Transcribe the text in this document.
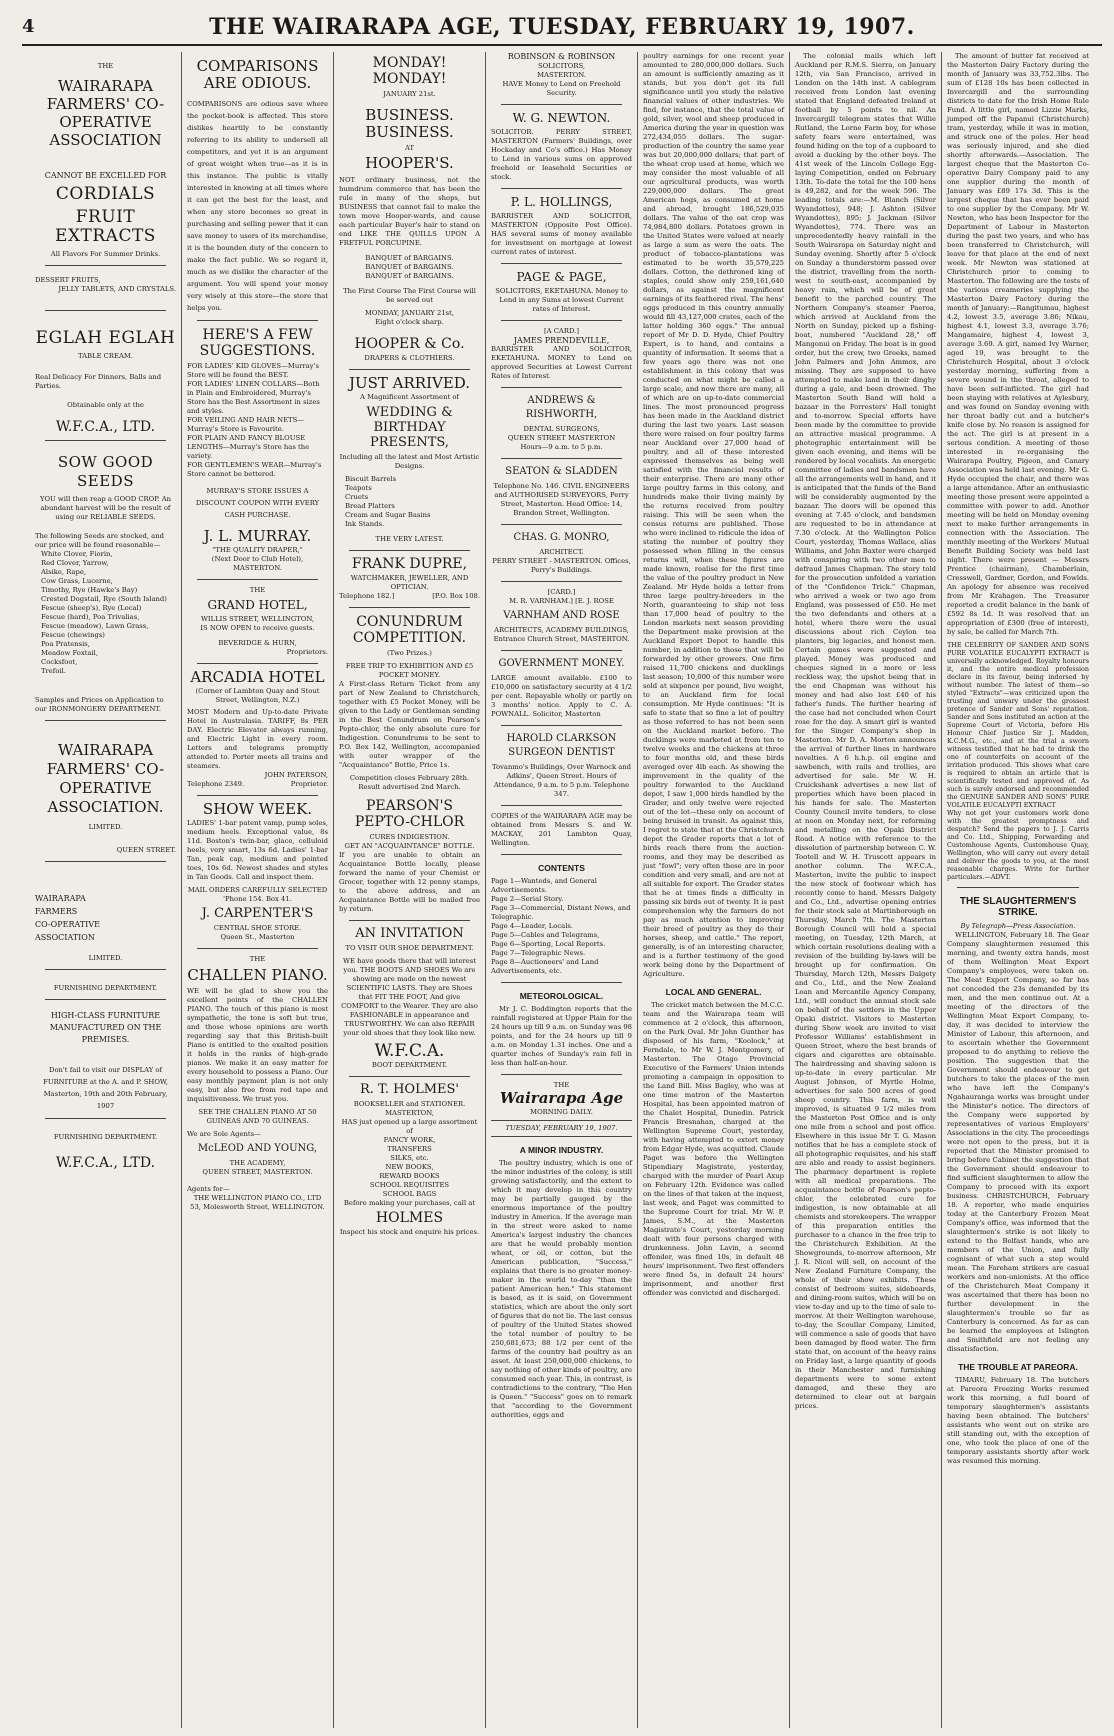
4	THE WAIRARAPA AGE, TUESDAY, FEBRUARY 19, 1907.
THE
WAIRARAPA FARMERS' CO-OPERATIVE ASSOCIATION
CANNOT BE EXCELLED FOR
CORDIALS
FRUIT EXTRACTS
All Flavors For Summer Drinks.
DESSERT FRUITS,
JELLY TABLETS, AND CRYSTALS.
EGLAH EGLAH
TABLE CREAM.
Real Delicacy For Dinners, Balls and Parties.
Obtainable only at the
W.F.C.A., LTD.
SOW GOOD SEEDS
YOU will then reap a GOOD CROP. An abundant harvest will be the result of using our RELIABLE SEEDS.
The following Seeds are stocked, and our price will be found reasonable—
White Clover, Fiorin,
Red Clover, Yarrow,
Alsike, Rape,
Cow Grass, Lucerne,
Timothy, Rye (Hawke's Bay)
Crested Dogstail, Rye (South Island)
Fescue (sheep's), Rye (Local)
Fescue (hard), Poa Trivalias,
Fescue (meadow), Lawn Grass,
Fescue (chewings)
Poa Pratensis,
Meadow Foxtail,
Cocksfoot,
Trefoil.
Samples and Prices on Application to our IRONMONGERY DEPARTMENT.
WAIRARAPA FARMERS' CO-OPERATIVE ASSOCIATION.
LIMITED.
QUEEN STREET.
WAIRARAPA
FARMERS
CO-OPERATIVE
ASSOCIATION
LIMITED.
FURNISHING DEPARTMENT.
HIGH-CLASS FURNITURE MANUFACTURED ON THE PREMISES.
Don't fail to visit our DISPLAY of FURNITURE at the A. and P. SHOW, Masterton, 19th and 20th February, 1907
FURNISHING DEPARTMENT.
W.F.C.A., LTD.
COMPARISONS ARE ODIOUS.
COMPARISONS are odious save where the pocket-book is affected. This store dislikes heartily to be constantly referring to its ability to undersell all competitors, and yet it is an argument of great weight when true—as it is in this instance. The public is vitally interested in knowing at all times where it can get the best for the least, and when any store becomes so great in purchasing and selling power that it can save money to users of its merchandise, it is the bounden duty of the concern to make the fact public. We so regard it, much as we dislike the character of the argument. You will spend your money very wisely at this store—the store that helps you.
HERE'S A FEW SUGGESTIONS.
FOR LADIES' KID GLOVES—Murray's Store will be found the BEST.
FOR LADIES' LINEN COLLARS—Both in Plain and Embroidered, Murray's Store has the Best Assortment in sizes and styles.
FOR VEILING AND HAIR NETS—Murray's Store is Favourite.
FOR PLAIN AND FANCY BLOUSE LENGTHS—Murray's Store has the variety.
FOR GENTLEMEN'S WEAR—Murray's Store cannot be bettered.
MURRAY'S STORE ISSUES A DISCOUNT COUPON WITH EVERY CASH PURCHASE.
J. L. MURRAY.
"THE QUALITY DRAPER,"
(Next Door to Club Hotel),
MASTERTON.
THE
GRAND HOTEL,
WILLIS STREET, WELLINGTON,
IS NOW OPEN to receive guests.
BEVERIDGE & HURN,
Proprietors.
ARCADIA HOTEL
(Corner of Lambton Quay and Stout Street, Wellington, N.Z.)
MOST Modern and Up-to-date Private Hotel in Australasia. TARIFF, 8s PER DAY. Electric Elevator always running, and Electric Light in every room. Letters and telegrams promptly attended to. Porter meets all trains and steamers.
JOHN PATERSON,
Telephone 2349.	Proprietor.
SHOW WEEK.
LADIES' 1-bar patent vamp, pump soles, medium heels. Exceptional value, 8s 11d. Boston's twin-bar, glace, celluloid heels, very smart, 13s 6d. Ladies' 1-bar Tan, peak cap, medium and pointed toes, 10s 6d. Newest shades and styles in Tan Goods. Call and inspect them.
MAIL ORDERS CAREFULLY SELECTED
'Phone 154. Box 41.
J. CARPENTER'S
CENTRAL SHOE STORE.
Queen St., Masterton
THE
CHALLEN PIANO.
WE will be glad to show you the excellent points of the CHALLEN PIANO. The touch of this piano is most sympathetic, the tone is soft but true, and those whose opinions are worth regarding say that this British-built Piano is entitled to the exalted position it holds in the ranks of high-grade pianos. We make it an easy matter for every household to possess a Piano. Our easy monthly payment plan is not only easy, but also free from red tape and inquisitiveness. We trust you.
SEE THE CHALLEN PIANO AT 50 GUINEAS AND 70 GUINEAS.
We are Sole Agents—
McLEOD AND YOUNG,
THE ACADEMY,
QUEEN STREET, MASTERTON.
Agents for—
THE WELLINGTON PIANO CO., LTD
53, Molesworth Street, WELLINGTON.
MONDAY! MONDAY!
JANUARY 21st.
BUSINESS. BUSINESS.
AT
HOOPER'S.
NOT ordinary business, not the humdrum commerce that has been the rule in many of the shops, but BUSINESS that cannot fail to make the town move Hooper-wards, and cause each particular Buyer's hair to stand on end LIKE THE QUILLS UPON A FRETFUL PORCUPINE.
BANQUET of BARGAINS.
BANQUET of BARGAINS.
BANQUET of BARGAINS.
The First Course The First Course will be served out
MONDAY, JANUARY 21st,
Eight o'clock sharp.
HOOPER & Co.
DRAPERS & CLOTHIERS.
JUST ARRIVED.
A Magnificent Assortment of
WEDDING & BIRTHDAY PRESENTS,
Including all the latest and Most Artistic Designs.
Biscuit Barrels
Teapots
Cruets
Bread Platters
Cream and Sugar Basins
Ink Stands.
THE VERY LATEST.
FRANK DUPRE,
WATCHMAKER, JEWELLER, AND OPTICIAN.
Telephone 182.]	[P.O. Box 108.
CONUNDRUM COMPETITION.
(Two Prizes.)
FREE TRIP TO EXHIBITION AND £5 POCKET MONEY.
A First-class Return Ticket from any part of New Zealand to Christchurch, together with £5 Pocket Money, will be given to the Lady or Gentleman sending in the Best Conundrum on Pearson's Pepto-chlor, the only absolute cure for Indigestion. Conundrums to be sent to P.O. Box 142, Wellington, accompanied with outer wrapper of the "Acquaintance" Bottle, Price 1s.
Competition closes February 28th. Result advertised 2nd March.
PEARSON'S PEPTO-CHLOR
CURES INDIGESTION.
GET AN "ACQUAINTANCE" BOTTLE.
If you are unable to obtain an Acquaintance Bottle locally, please forward the name of your Chemist or Grocer, together with 12 penny stamps, to the above address, and an Acquaintance Bottle will be mailed free by return.
AN INVITATION
TO VISIT OUR SHOE DEPARTMENT.
WE have goods there that will interest you. THE BOOTS AND SHOES We are showing are made on the newest SCIENTIFIC LASTS. They are Shoes that FIT THE FOOT, And give COMFORT to the Wearer. They are also FASHIONABLE in appearance and TRUSTWORTHY. We can also REPAIR your old shoes that they look like new.
W.F.C.A.
BOOT DEPARTMENT.
R. T. HOLMES'
BOOKSELLER and STATIONER.
MASTERTON,
HAS just opened up a large assortment of
FANCY WORK,
TRANSFERS
SILKS, etc.
NEW BOOKS,
REWARD BOOKS
SCHOOL REQUISITES
SCHOOL BAGS
Before making your purchases, call at
HOLMES
Inspect his stock and enquire his prices.
ROBINSON & ROBINSON
SOLICITORS,
MASTERTON.
HAVE Money to Lend on Freehold Security.
W. G. NEWTON.
SOLICITOR. PERRY STREET, MASTERTON (Farmers' Buildings, over Hockaday and Co's office.) Has Money to Lend in various sums on approved freehold or leasehold Securities or stock.
P. L. HOLLINGS,
BARRISTER AND SOLICITOR, MASTERTON (Opposite Post Office). HAS several sums of money available for investment on mortgage at lowest current rates of interest.
PAGE & PAGE,
SOLICITORS, EKETAHUNA. Money to Lend in any Sums at lowest Current rates of Interest.
[A CARD.]
JAMES PRENDEVILLE,
BARRISTER AND SOLICITOR, EKETAHUNA. MONEY to Lend on approved Securities at Lowest Current Rates of Interest.
ANDREWS & RISHWORTH,
DENTAL SURGEONS,
QUEEN STREET MASTERTON
Hours—9 a.m. to 5 p.m.
SEATON & SLADDEN
Telephone No. 146. CIVIL ENGINEERS and AUTHORISED SURVEYORS, Perry Street, Masterton. Head Office: 14, Brandon Street, Wellington.
CHAS. G. MONRO,
ARCHITECT.
PERRY STREET - MASTERTON. Offices, Perry's Buildings.
[CARD.]
M. R. VARNHAM.] [E. J. ROSE
VARNHAM AND ROSE
ARCHITECTS, ACADEMY BUILDINGS, Entrance Church Street, MASTERTON.
GOVERNMENT MONEY.
LARGE amount available. £100 to £10,000 on satisfactory security at 4 1/2 per cent. Repayable wholly or partly on 3 months' notice. Apply to C. A. POWNALL. Solicitor, Masterton
HAROLD CLARKSON SURGEON DENTIST
Tovanmo's Buildings, Over Warnock and Adkins', Queen Street. Hours of Attendance, 9 a.m. to 5 p.m. Telephone 347.
COPIES of the WAIRARAPA AGE may be obtained from Messrs S. and W. MACKAY, 201 Lambton Quay, Wellington.
CONTENTS
Page 1—Wanteds, and General Advertisements.
Page 2—Serial Story.
Page 3—Commercial, Distant News, and Telegraphic.
Page 4—Leader, Locals.
Page 5—Cables and Telegrams,
Page 6—Sporting, Local Reports.
Page 7—Telegraphic News.
Page 8—Auctioneers' and Land Advertisements, etc.
METEOROLOGICAL.
Mr J. C. Boddington reports that the rainfall registered at Upper Plain for the 24 hours up till 9 a.m. on Sunday was 98 points, and for the 24 hours up till 9 a.m. on Monday 1.31 inches. One and a quarter inches of Sunday's rain fell in less than half-an-hour.
THE
Wairarapa Age
MORNING DAILY.
TUESDAY, FEBRUARY 19, 1907.
A MINOR INDUSTRY.
The poultry industry, which is one of the minor industries of the colony, is still growing satisfactorily, and the extent to which it may develop in this country may be partially gauged by the enormous importance of the poultry industry in America. If the average man in the street were asked to name America's largest industry the chances are that he would probably mention wheat, or oil, or cotton, but the American publication, "Success," explains that there is no greater money-maker in the world to-day "than the patient American hen." This statement is based, as it is said, on Government statistics, which are about the only sort of figures that do not lie. The last census of poultry of the United States showed the total number of poultry to be 250,681,673; 88 1/2 per cent of the farms of the country had poultry as an asset. At least 250,000,000 chickens, to say nothing of other kinds of poultry, are consumed each year. This, in contrast, is contradictions to the contrary, "The Hen is Queen." "Success" goes on to remark that "according to the Government authorities, eggs and
poultry earnings for one recent year amounted to 280,000,000 dollars. Such an amount is sufficiently amazing as it stands, but you don't get its full significance until you study the relative financial values of other industries. We find, for instance, that the total value of gold, silver, wool and sheep produced in America during the year in question was 272,434,055 dollars. The sugar-production of the country the same year was but 20,000,000 dollars; that part of the wheat crop used at home, which we may consider the most valuable of all our agricultural products, was worth 229,000,000 dollars. The great American hogs, as consumed at home and abroad, brought 186,529,035 dollars. The value of the oat crop was 74,984,800 dollars. Potatoes grown in the United States were valued at nearly as large a sum as were the oats. The product of tobacco-plantations was estimated to be worth 35,579,225 dollars. Cotton, the dethroned king of staples, could show only 259,161,640 dollars, as against the magnificent earnings of its feathered rival. The hens' eggs produced in this country annually would fill 43,127,000 crates, each of the latter holding 360 eggs." The annual report of Mr D. D. Hyde, Chief Poultry Expert, is to hand, and contains a quantity of information. It seems that a few years ago there was not one establishment in this colony that was conducted on what might be called a large scale, and now there are many, all of which are on up-to-date commercial lines. The most pronounced progress has been made in the Auckland district during the last two years. Last season there were raised on four poultry farms near Auckland over 27,000 head of poultry, and all of these interested expressed themselves as being well satisfied with the financial results of their enterprise. There are many other large poultry farms in this colony, and hundreds make their living mainly by the returns received from poultry raising. This will be seen when the census returns are published. Those who were inclined to ridicule the idea of stating the number of poultry they possessed when filling in the census returns will, when these figures are made known, realise for the first time the value of the poultry product in New Zealand. Mr Hyde holds a letter from three large poultry-breeders in the North, guaranteeing to ship not less than 17,000 head of poultry to the London markets next season providing the Department make provision at the Auckland Export Depot to handle this number, in addition to those that will be forwarded by other growers. One firm raised 11,700 chickens and ducklings last season; 10,000 of this number were sold at sixpence per pound, live weight, to an Auckland firm for local consumption. Mr Hyde continues: "It is safe to state that so fine a lot of poultry as those referred to has not been seen on the Auckland market before. The ducklings were marketed at from ten to twelve weeks and the chickens at three to four months old, and these birds averaged over 4lb each. As showing the improvement in the quality of the poultry forwarded to the Auckland depot, I saw 1,000 birds handled by the Grader, and only twelve were rejected out of the lot—these only on account of being bruised in transit. As against this, I regret to state that at the Christchurch depot the Grader reports that a lot of birds reach there from the auction-rooms, and they may be described as just "fowl"; very often these are in poor condition and very small, and are not at all suitable for export. The Grader states that he at times finds a difficulty in passing six birds out of twenty. It is past comprehension why the farmers do not pay as much attention to improving their breed of poultry as they do their horses, sheep, and cattle." The report, generally, is of an interesting character, and is a further testimony of the good work being done by the Department of Agriculture.
LOCAL AND GENERAL.
The cricket match between the M.C.C. team and the Wairarapa team will commence at 2 o'clock, this afternoon, on the Park Oval. Mr John Gunther has disposed of his farm, "Koolock," at Ferndale, to Mr W. J. Montgomery, of Masterton. The Otago Provincial Executive of the Farmers' Union intends promoting a campaign in opposition to the Land Bill. Miss Bagley, who was at one time matron of the Masterton Hospital, has been appointed matron of the Chalet Hospital, Dunedin. Patrick Francis Bresnahan, charged at the Wellington Supreme Court, yesterday, with having attempted to extort money from Edgar Hyde, was acquitted. Claude Paget was before the Wellington Stipendiary Magistrate, yesterday, charged with the murder of Pearl Axup on February 12th. Evidence was called on the lines of that taken at the inquest, last week, and Paget was committed to the Supreme Court for trial. Mr W. P. James, S.M., at the Masterton Magistrate's Court, yesterday morning dealt with four persons charged with drunkenness. John Lavin, a second offender, was fined 10s, in default 48 hours' imprisonment. Two first offenders were fined 5s, in default 24 hours' imprisonment, and another first offender was convicted and discharged.
The colonial mails which left Auckland per R.M.S. Sierra, on January 12th, via San Francisco, arrived in London on the 14th inst. A cablegram received from London last evening stated that England defeated Ireland at football by 5 points to nil. An Invercargill telegram states that Willie Rutland, the Lorne Farm boy, for whose safety fears were entertained, was found hiding on the top of a cupboard to avoid a ducking by the other boys. The 41st week of the Lincoln College Egg-laying Competition, ended on February 13th. To-date the total for the 100 hens is 49,282, and for the week 596. The leading totals are:—M. Blanch (Silver Wyandottes), 948; J. Ashton (Silver Wyandottes), 895; J. Jackman (Silver Wyandottes), 774. There was an unprecedentedly heavy rainfall in the South Wairarapa on Saturday night and Sunday evening. Shortly after 5 o'clock on Sunday a thunderstorm passed over the district, travelling from the north-west to south-east, accompanied by heavy rain, which will be of great benefit to the parched country. The Northern Company's steamer Paeroa, which arrived at Auckland from the North on Sunday, picked up a fishing-boat, numbered "Auckland 28," off Mangonui on Friday. The boat is in good order, but the crew, two Greeks, named John Palmers and John Ammox, are missing. They are supposed to have attempted to make land in their dinghy during a gale, and been drowned. The Masterton South Band will hold a bazaar in the Forresters' Hall tonight and to-morrow. Special efforts have been made by the committee to provide an attractive musical programme. A photographic entertainment will be given each evening, and items will be rendered by local vocalists. An energetic committee of ladies and bandsmen have all the arrangements well in hand, and it is anticipated that the funds of the Band will be considerably augmented by the bazaar. The doors will be opened this evening at 7.45 o'clock, and bandsmen are requested to be in attendance at 7.30 o'clock. At the Wellington Police Court, yesterday, Thomas Wallace, alias Williams, and John Baxter were charged with conspiring with two other men to defraud James Chapman. The story told for the prosecution unfolded a variation of the "Confidence Trick." Chapman, who arrived a week or two ago from England, was possessed of £50. He met the two defendants and others at a hotel, where there were the usual discussions about rich Ceylon tea planters, big legacies, and honest men. Certain games were suggested and played. Money was produced and cheques signed in a more or less reckless way, the upshot being that in the end Chapman was without his money and had also lost £40 of his father's funds. The further hearing of the case had not concluded when Court rose for the day. A smart girl is wanted for the Singer Company's shop in Masterton. Mr D. A. Morton announces the arrival of further lines in hardware novelties. A 6 h.h.p. oil engine and sawbench, with rails and trollies, are advertised for sale. Mr W. H. Cruickshank advertises a new list of properties which have been placed in his hands for sale. The Masterton County Council invite tenders, to close at noon on Monday next, for reforming and metalling on the Opaki District Road. A notice with reference to the dissolution of partnership between C. W. Tootell and W. H. Truscott appears in another column. The W.F.C.A., Masterton, invite the public to inspect the new stock of footwear which has recently come to hand. Messrs Dalgety and Co., Ltd., advertise opening entries for their stock sale at Martinborough on Thursday, March 7th. The Masterton Borough Council will hold a special meeting, on Tuesday, 12th March, at which certain resolutions dealing with a revision of the building by-laws will be brought up for confirmation. On Thursday, March 12th, Messrs Dalgety and Co., Ltd., and the New Zealand Loan and Mercantile Agency Company, Ltd., will conduct the annual stock sale on behalf of the settlers in the Upper Opaki district. Visitors to Masterton during Show week are invited to visit Professor Williams' establishment in Queen Street, where the best brands of cigars and cigarettes are obtainable. The hairdressing and shaving saloon is up-to-date in every particular. Mr August Johnson, of Myrtle Holme, advertises for sale 500 acres of good sheep country. This farm, is well improved, is situated 9 1/2 miles from the Masterton Post Office and is only one mile from a school and post office. Elsewhere in this issue Mr T. G. Mason notifies that he has a complete stock of all photographic requisites, and his staff are able and ready to assist beginners. The pharmacy department is replete with all medical preparations. The acquaintance bottle of Pearson's pepto-chlor, the celebrated cure for indigestion, is now obtainable at all chemists and storekeepers. The wrapper of this preparation entitles the purchaser to a chance in the free trip to the Christchurch Exhibition. At the Showgrounds, to-morrow afternoon, Mr J. R. Nicol will sell, on account of the New Zealand Furniture Company, the whole of their show exhibits. These consist of bedroom suites, sideboards, and dining-room suites, which will be on view to-day and up to the time of sale to-morrow. At their Wellington warehouse, to-day, the Scoullar Company, Limited, will commence a sale of goods that have been damaged by flood water. The firm state that, on account of the heavy rains on Friday last, a large quantity of goods in their Manchester and furnishing departments were to some extent damaged, and these they are determined to clear out at bargain prices.
The amount of butter fat received at the Masterton Dairy Factory during the month of January was 33,752.3lbs. The sum of £128 10s has been collected in Invercargill and the surrounding districts to date for the Irish Home Rule Fund. A little girl, named Lizzie Marks, jumped off the Papanui (Christchurch) tram, yesterday, while it was in motion, and struck one of the poles. Her head was seriously injured, and she died shortly afterwards.—Association. The largest cheque that the Masterton Co-operative Dairy Company paid to any one supplier during the month of January was £89 17s 3d. This is the largest cheque that has ever been paid to one supplier by the Company. Mr W. Newton, who has been Inspector for the Department of Labour in Masterton during the past two years, and who has been transferred to Christchurch, will leave for that place at the end of next week. Mr Newton was stationed at Christchurch prior to coming to Masterton. The following are the tests of the various creameries supplying the Masterton Dairy Factory during the month of January:—Rangitumau, highest 4.2, lowest 3.5, average 3.86; Nikau, highest 4.1, lowest 3.3, average 3.76; Mangamaire, highest 4, lowest 3, average 3.69. A girl, named Ivy Warner, aged 19, was brought to the Christchurch Hospital, about 3 o'clock yesterday morning, suffering from a severe wound in the throat, alleged to have been self-inflicted. The girl had been staying with relatives at Aylesbury, and was found on Sunday evening with her throat badly cut and a butcher's knife close by. No reason is assigned for the act. The girl is at present in a serious condition. A meeting of those interested in re-organising the Wairarapa Poultry, Pigeon, and Canary Association was held last evening. Mr G. Hyde occupied the chair, and there was a large attendance. After an enthusiastic meeting those present were appointed a committee with power to add. Another meeting will be held on Monday evening next to make further arrangements in connection with the Association. The monthly meeting of the Workers' Mutual Benefit Building Society was held last night. There were present — Messrs Prentice (chairman), Chamberlain, Cresswell, Gardner, Gordon, and Fowlds. An apology for absence was received from Mr Krahagen. The Treasurer reported a credit balance in the bank of £592 8s 1d. It was resolved that an appropriation of £300 (free of interest), by sale, be called for March 7th.
THE CELEBRITY OF SANDER AND SONS PURE VOLATILE EUCALYPTI EXTRACT is universally acknowledged. Royalty honours it, and the entire medical profession declare in its favour, being indorsed by without number. The latest of them—so styled "Extracts"—was criticized upon the trusting and unwary under the grossest pretence of Sander and Sons' reputation. Sander and Sons instituted an action at the Supreme Court of Victoria, before His Honour Chief Justice Sir J. Madden, K.C.M.G., etc., and at the trial a sworn witness testified that he had to drink the one of counterfeits on account of the irritation produced. This shows what care is required to obtain an article that is scientifically tested and approved of. As such is surely endorsed and recommended the GENUINE SANDER AND SONS' PURE VOLATILE EUCALYPTI EXTRACT
Why not get your customers work done with the greatest promptness and despatch? Send the papers to J. J. Carris and Co. Ltd., Shipping, Forwarding and Customhouse Agents, Customhouse Quay, Wellington, who will carry out every detail and deliver the goods to you, at the most reasonable charges. Write for further particulars.—ADVT.
THE SLAUGHTERMEN'S STRIKE.
By Telegraph—Press Association.
WELLINGTON, February 18. The Gear Company slaughtermen resumed this morning, and twenty extra hands, most of them Wellington Meat Export Company's employees, were taken on. The Meat Export Company, so far has not conceded the 23s demanded by its men, and the men continue out. At a meeting of the directors of the Wellington Meat Export Company, to-day, it was decided to interview the Minister of Labour, this afternoon, and to ascertain whether the Government proposed to do anything to relieve the position. The suggestion that the Government should endeavour to get butchers to take the places of the men who have left the Company's Ngahauranga works was brought under the Minister's notice. The directors of the Company were supported by representatives of various Employers' Associations in the city. The proceedings were not open to the press, but it is reported that the Minister promised to bring before Cabinet the suggestion that the Government should endeavour to find sufficient slaughtermen to allow the Company to proceed with its export business. CHRISTCHURCH, February 18. A reporter, who made enquiries today at the Canterbury Frozen Meat Company's office, was informed that the slaughtermen's strike is not likely to extend to the Belfast hands, who are members of the Union, and fully cognisant of what such a step would mean. The Fareham strikers are casual workers and non-unionists. At the office of the Christchurch Meat Company it was ascertained that there has been no further development in the slaughtermen's trouble so far as Canterbury is concerned. As far as can be learned the employees at Islington and Smithfield are not feeling any dissatisfaction.
THE TROUBLE AT PAREORA.
TIMARU, February 18. The butchers at Pareora Freezing Works resumed work this morning, a full board of temporary slaughtermen's assistants having been obtained. The butchers' assistants who went out on strike are still standing out, with the exception of one, who took the place of one of the temporary assistants shortly after work was resumed this morning.
